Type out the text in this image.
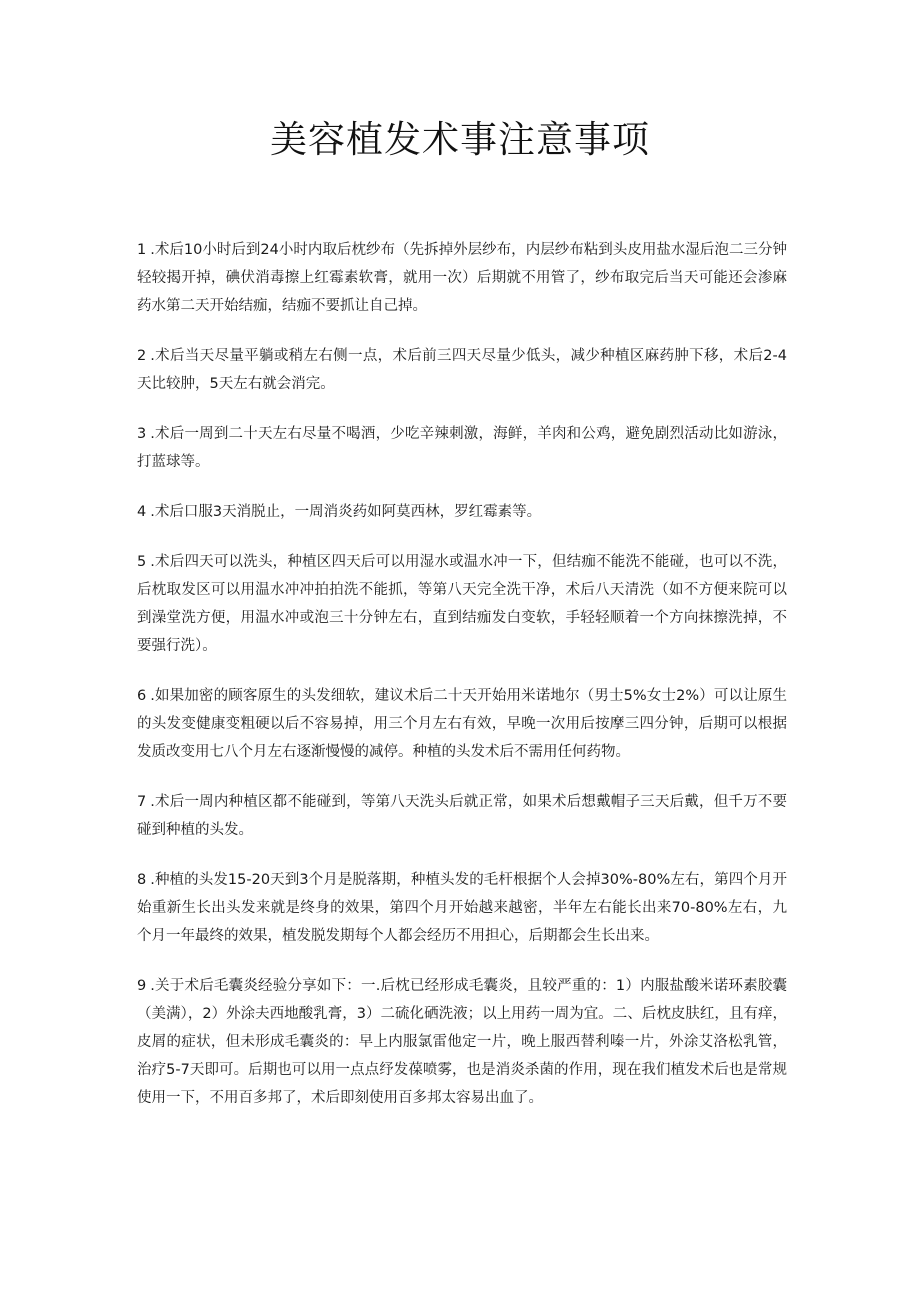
美容植发术事注意事项

1 .术后10小时后到24小时内取后枕纱布（先拆掉外层纱布，内层纱布粘到头皮用盐水湿后泡二三分钟轻较揭开掉，碘伏消毒擦上红霉素软膏，就用一次）后期就不用管了，纱布取完后当天可能还会渗麻药水第二天开始结痂，结痂不要抓让自己掉。

2 .术后当天尽量平躺或稍左右侧一点，术后前三四天尽量少低头，减少种植区麻药肿下移，术后2-4天比较肿，5天左右就会消完。

3 .术后一周到二十天左右尽量不喝酒，少吃辛辣刺激，海鲜，羊肉和公鸡，避免剧烈活动比如游泳，打蓝球等。

4 .术后口服3天消脱止，一周消炎药如阿莫西林，罗红霉素等。

5 .术后四天可以洗头，种植区四天后可以用湿水或温水冲一下，但结痂不能洗不能碰，也可以不洗，后枕取发区可以用温水冲冲拍拍洗不能抓，等第八天完全洗干净，术后八天清洗（如不方便来院可以到澡堂洗方便，用温水冲或泡三十分钟左右，直到结痂发白变软，手轻轻顺着一个方向抹擦洗掉，不要强行洗）。

6 .如果加密的顾客原生的头发细软，建议术后二十天开始用米诺地尔（男士5%女士2%）可以让原生的头发变健康变粗硬以后不容易掉，用三个月左右有效，早晚一次用后按摩三四分钟，后期可以根据发质改变用七八个月左右逐渐慢慢的减停。种植的头发术后不需用任何药物。

7 .术后一周内种植区都不能碰到，等第八天洗头后就正常，如果术后想戴帽子三天后戴，但千万不要碰到种植的头发。

8 .种植的头发15-20天到3个月是脱落期，种植头发的毛杆根据个人会掉30%-80%左右，第四个月开始重新生长出头发来就是终身的效果，第四个月开始越来越密，半年左右能长出来70-80%左右，九个月一年最终的效果，植发脱发期每个人都会经历不用担心，后期都会生长出来。

9 .关于术后毛囊炎经验分享如下：一.后枕已经形成毛囊炎，且较严重的：1）内服盐酸米诺环素胶囊（美满），2）外涂夫西地酸乳膏，3）二硫化硒洗液；以上用药一周为宜。二、后枕皮肤红，且有痒，皮屑的症状，但未形成毛囊炎的：早上内服氯雷他定一片，晚上服西替利嗪一片，外涂艾洛松乳管，治疗5-7天即可。后期也可以用一点点纾发葆喷雾，也是消炎杀菌的作用，现在我们植发术后也是常规使用一下，不用百多邦了，术后即刻使用百多邦太容易出血了。
